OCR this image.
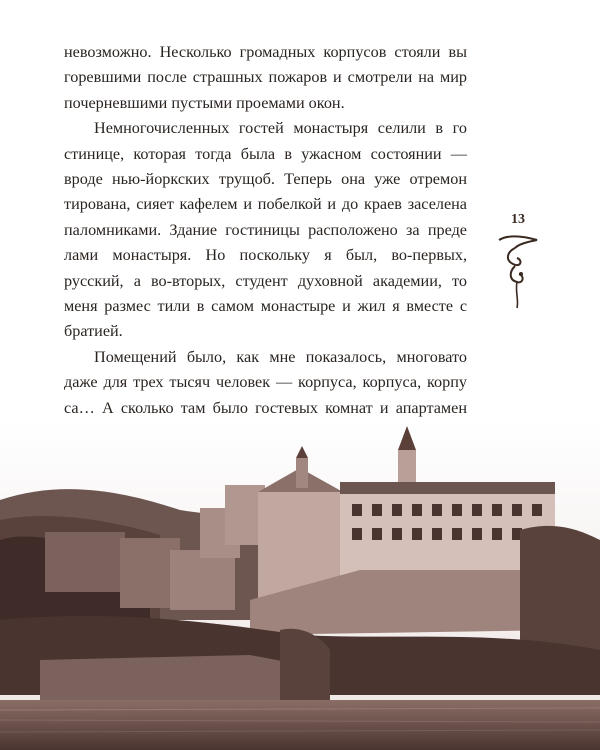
невозможно. Несколько громадных корпусов стояли вы горевшими после страшных пожаров и смотрели на мир почерневшими пустыми проемами окон.

Немногочисленных гостей монастыря селили в го стинице, которая тогда была в ужасном состоянии — вроде нью-йоркских трущоб. Теперь она уже отремон тирована, сияет кафелем и побелкой и до краев заселена паломниками. Здание гостиницы расположено за преде лами монастыря. Но поскольку я был, во-первых, русский, а во-вторых, студент духовной академии, то меня размес тили в самом монастыре и жил я вместе с братией.

Помещений было, как мне показалось, многовато даже для трех тысяч человек — корпуса, корпуса, корпу са… А сколько там было гостевых комнат и апартамен

13
